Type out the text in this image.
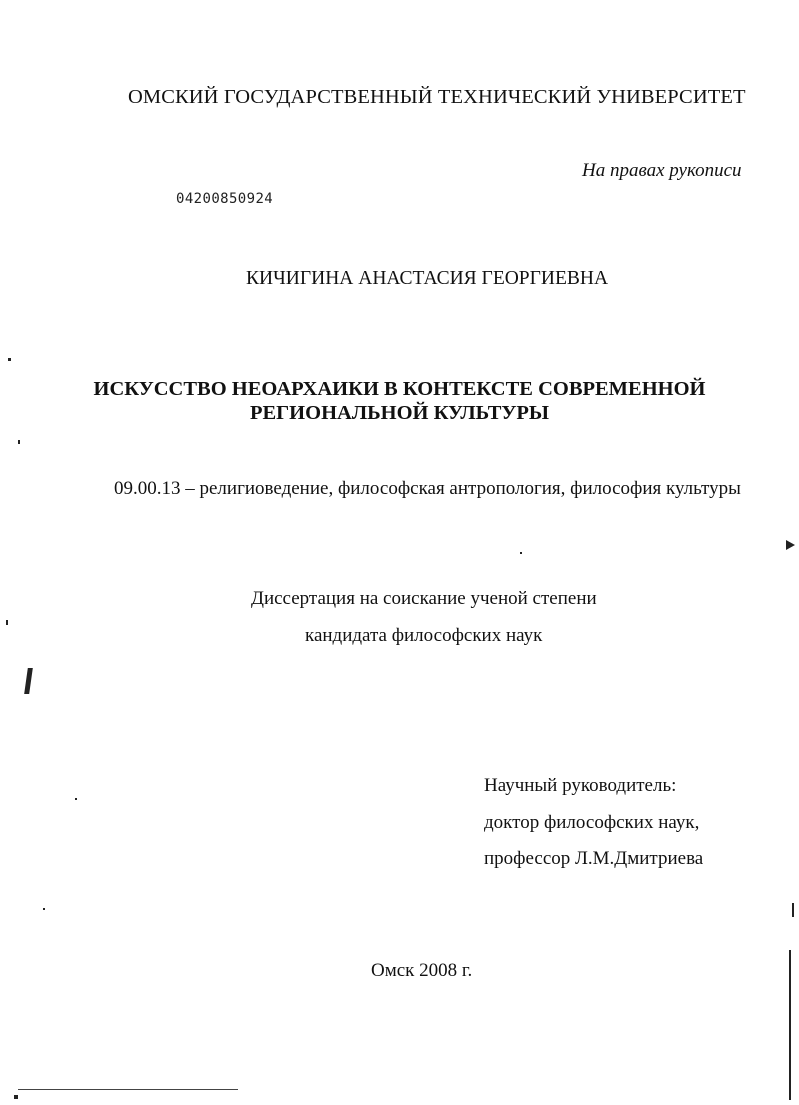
ОМСКИЙ ГОСУДАРСТВЕННЫЙ ТЕХНИЧЕСКИЙ УНИВЕРСИТЕТ

На правах рукописи

04200850924

КИЧИГИНА АНАСТАСИЯ ГЕОРГИЕВНА

ИСКУССТВО НЕОАРХАИКИ В КОНТЕКСТЕ СОВРЕМЕННОЙ

РЕГИОНАЛЬНОЙ КУЛЬТУРЫ

09.00.13 – религиоведение, философская антропология, философия культуры

Диссертация на соискание ученой степени

кандидата философских наук

Научный руководитель:

доктор философских наук,

профессор Л.М.Дмитриева

Омск 2008 г.
